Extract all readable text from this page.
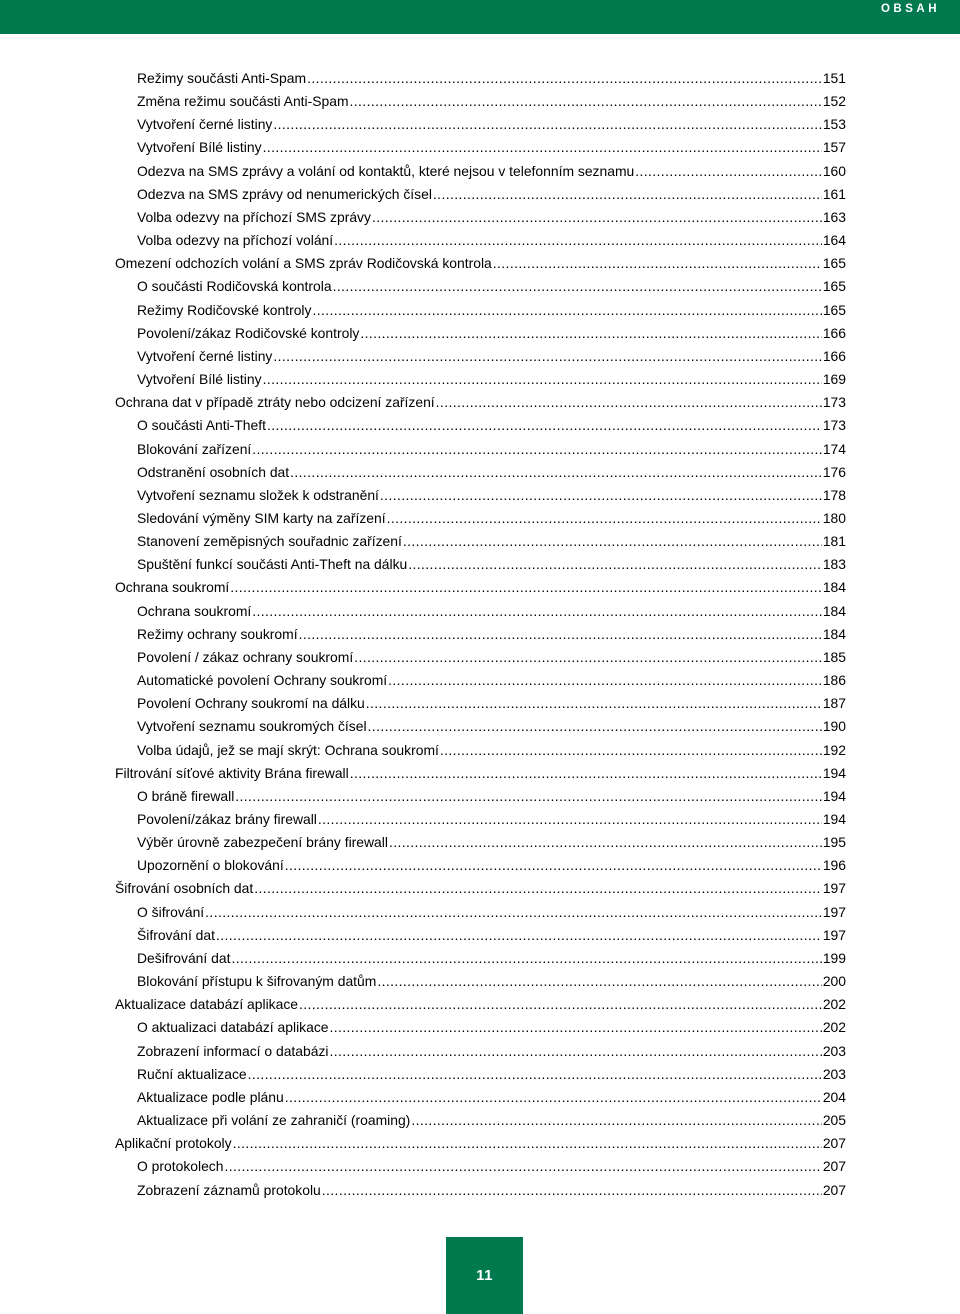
OBSAH
Režimy součásti Anti-Spam .....	151
Změna režimu součásti Anti-Spam .....	152
Vytvoření černé listiny .....	153
Vytvoření Bílé listiny .....	157
Odezva na SMS zprávy a volání od kontaktů, které nejsou v telefonním seznamu .....	160
Odezva na SMS zprávy od nenumerických čísel .....	161
Volba odezvy na příchozí SMS zprávy .....	163
Volba odezvy na příchozí volání .....	164
Omezení odchozích volání a SMS zpráv Rodičovská kontrola .....	165
O součásti Rodičovská kontrola .....	165
Režimy Rodičovské kontroly .....	165
Povolení/zákaz Rodičovské kontroly .....	166
Vytvoření černé listiny .....	166
Vytvoření Bílé listiny .....	169
Ochrana dat v případě ztráty nebo odcizení zařízení .....	173
O součásti Anti-Theft .....	173
Blokování zařízení .....	174
Odstranění osobních dat .....	176
Vytvoření seznamu složek k odstranění .....	178
Sledování výměny SIM karty na zařízení .....	180
Stanovení zeměpisných souřadnic zařízení .....	181
Spuštění funkcí součásti Anti-Theft na dálku .....	183
Ochrana soukromí .....	184
Ochrana soukromí .....	184
Režimy ochrany soukromí .....	184
Povolení / zákaz ochrany soukromí .....	185
Automatické povolení Ochrany soukromí .....	186
Povolení Ochrany soukromí na dálku .....	187
Vytvoření seznamu soukromých čísel .....	190
Volba údajů, jež se mají skrýt: Ochrana soukromí .....	192
Filtrování síťové aktivity Brána firewall .....	194
O bráně firewall .....	194
Povolení/zákaz brány firewall .....	194
Výběr úrovně zabezpečení brány firewall .....	195
Upozornění o blokování .....	196
Šifrování osobních dat .....	197
O šifrování .....	197
Šifrování dat .....	197
Dešifrování dat .....	199
Blokování přístupu k šifrovaným datům .....	200
Aktualizace databází aplikace .....	202
O aktualizaci databází aplikace .....	202
Zobrazení informací o databázi .....	203
Ruční aktualizace .....	203
Aktualizace podle plánu .....	204
Aktualizace při volání ze zahraničí (roaming) .....	205
Aplikační protokoly .....	207
O protokolech .....	207
Zobrazení záznamů protokolu .....	207
11
